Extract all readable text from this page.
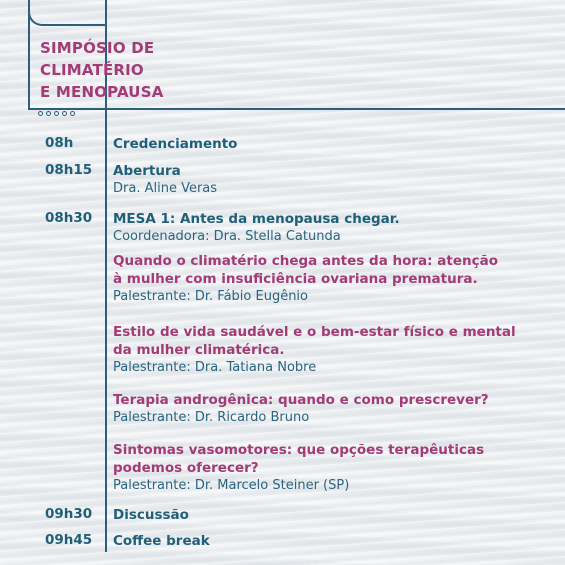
SIMPÓSIO DE
CLIMATÉRIO
E MENOPAUSA
08h	Credenciamento
08h15 Abertura
Dra. Aline Veras
08h30 MESA 1: Antes da menopausa chegar.
Coordenadora: Dra. Stella Catunda
Quando o climatério chega antes da hora: atenção
à mulher com insuficiência ovariana prematura.
Palestrante: Dr. Fábio Eugênio
Estilo de vida saudável e o bem-estar físico e mental
da mulher climatérica.
Palestrante: Dra. Tatiana Nobre
Terapia androgênica: quando e como prescrever?
Palestrante: Dr. Ricardo Bruno
Sintomas vasomotores: que opções terapêuticas
podemos oferecer?
Palestrante: Dr. Marcelo Steiner (SP)
09h30 Discussão
09h45 Coffee break
